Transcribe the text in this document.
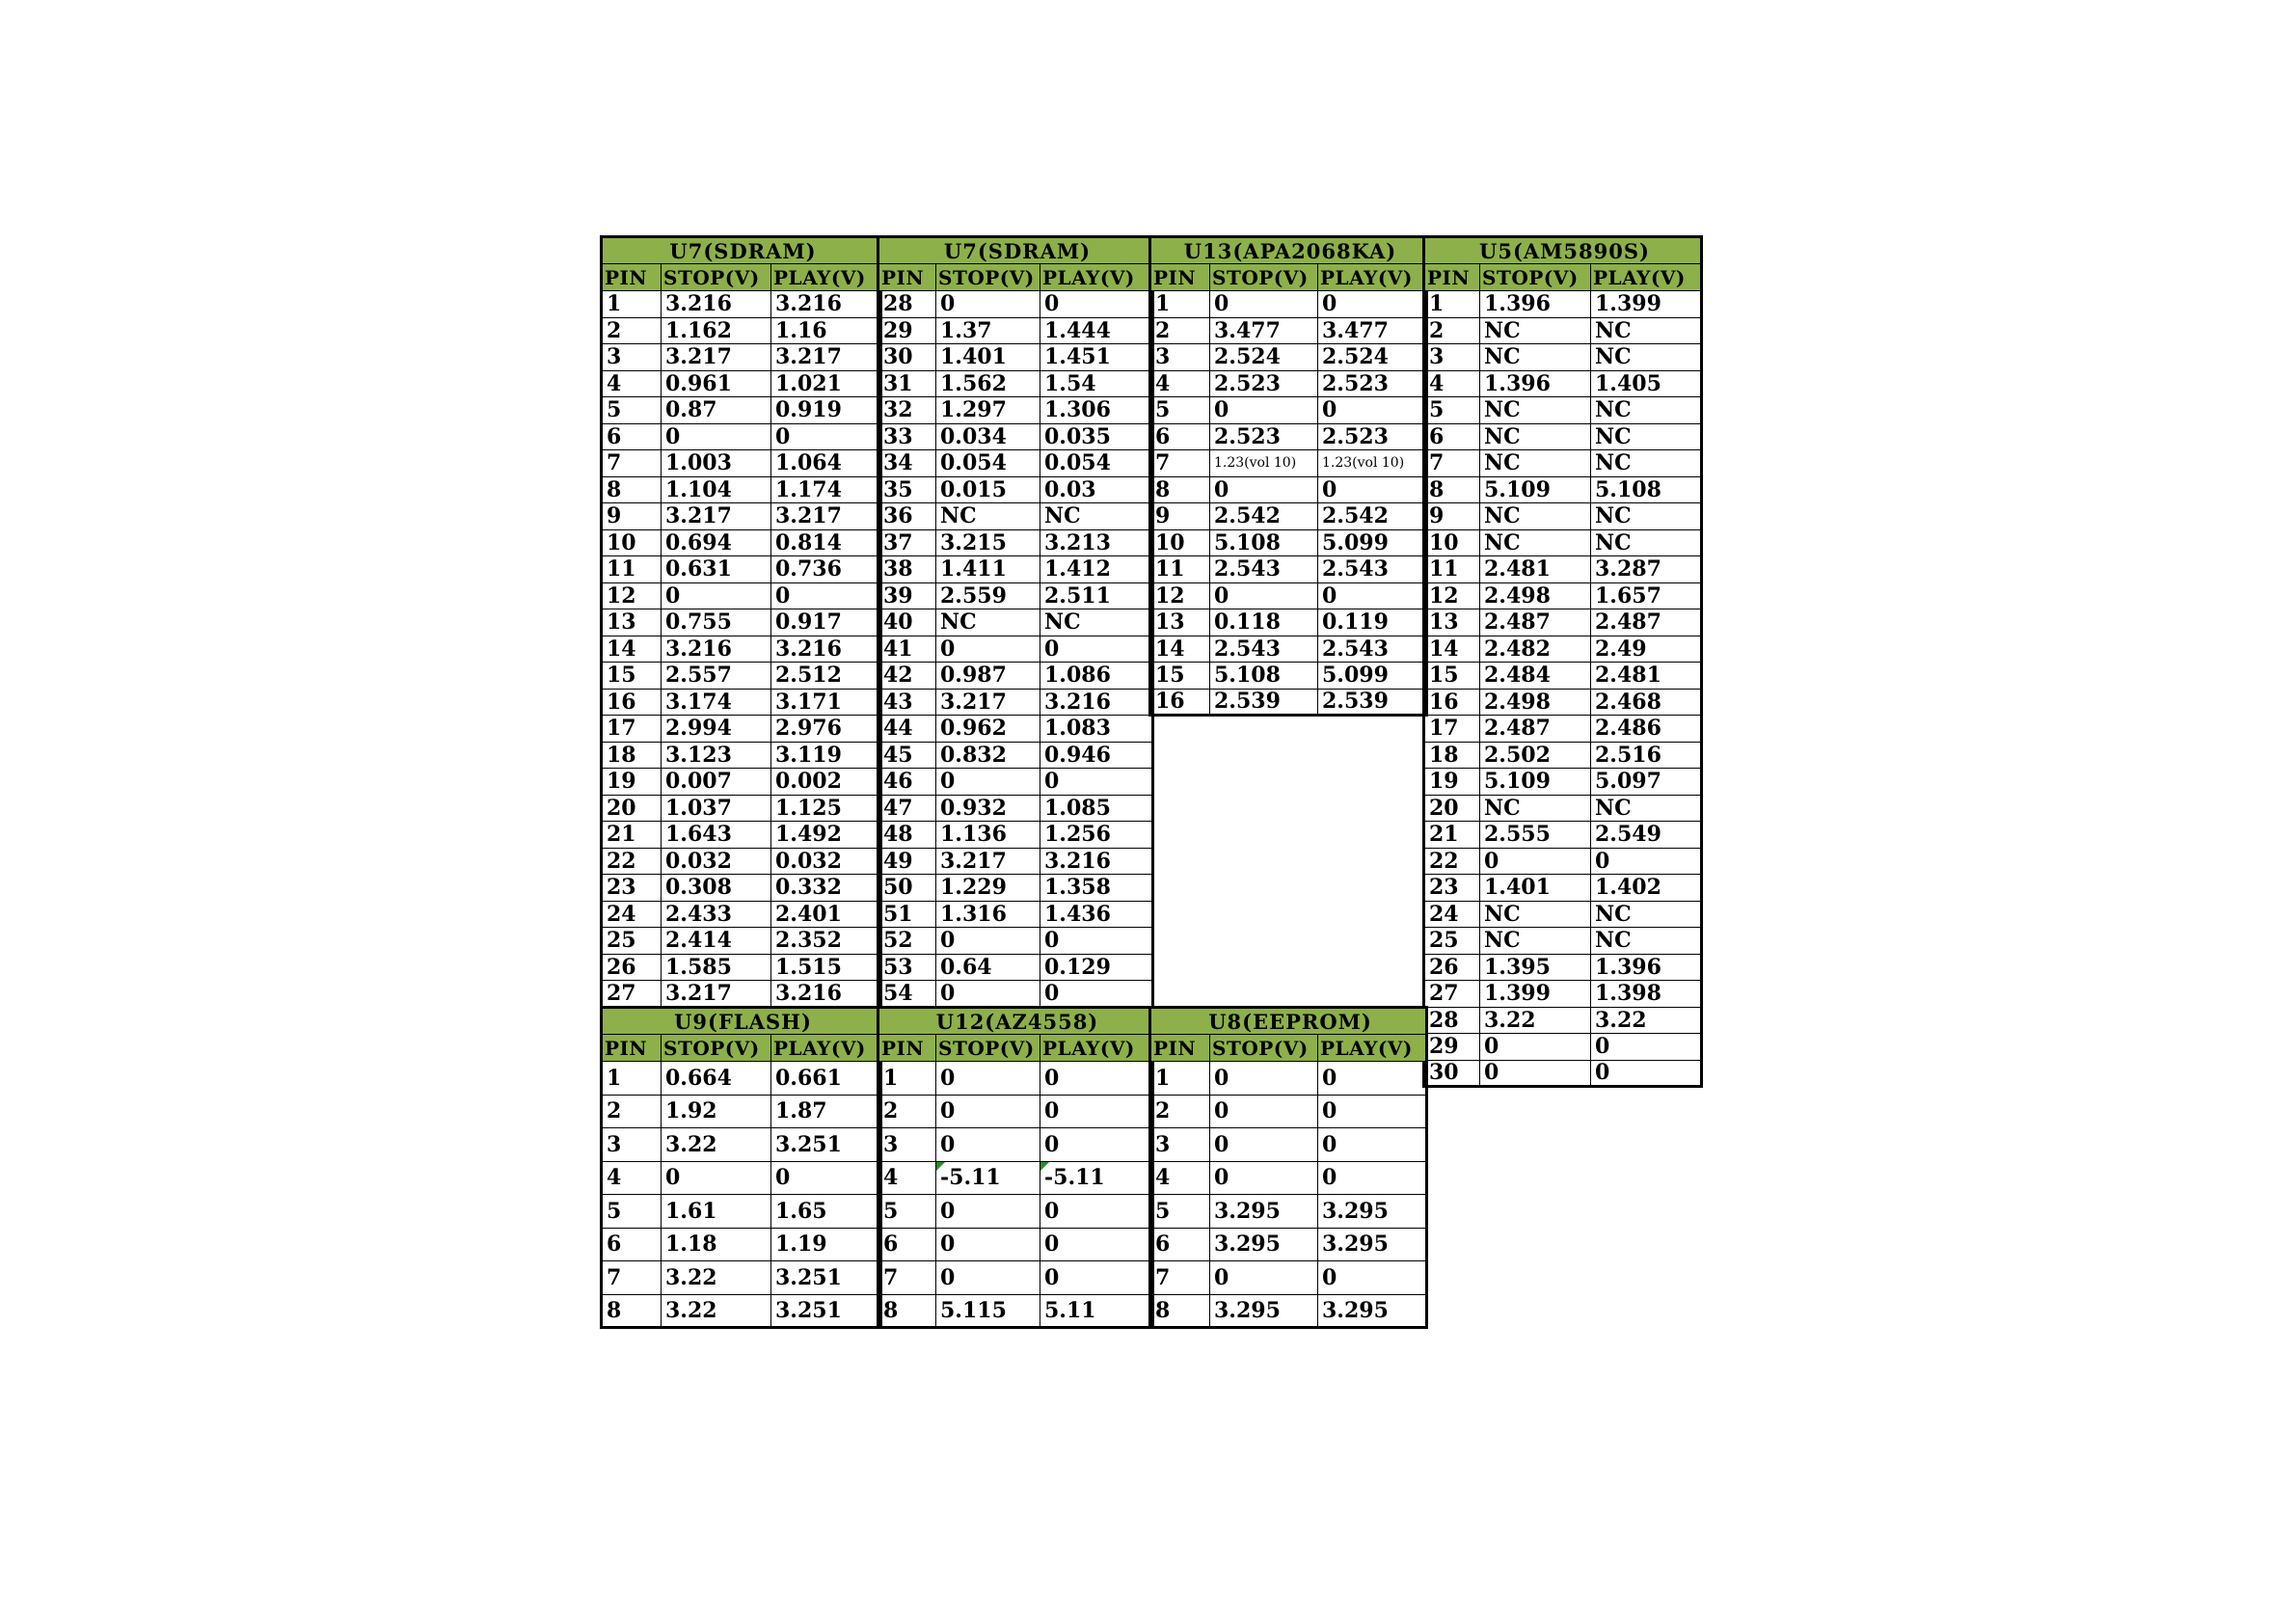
U7(SDRAM)		
PIN	STOP(V)	PLAY(V)
1	3.216	3.216
2	1.162	1.16
3	3.217	3.217
4	0.961	1.021
5	0.87	0.919
6	0	0
7	1.003	1.064
8	1.104	1.174
9	3.217	3.217
10	0.694	0.814
11	0.631	0.736
12	0	0
13	0.755	0.917
14	3.216	3.216
15	2.557	2.512
16	3.174	3.171
17	2.994	2.976
18	3.123	3.119
19	0.007	0.002
20	1.037	1.125
21	1.643	1.492
22	0.032	0.032
23	0.308	0.332
24	2.433	2.401
25	2.414	2.352
26	1.585	1.515
27	3.217	3.216
U7(SDRAM)		
PIN	STOP(V)	PLAY(V)
28	0	0
29	1.37	1.444
30	1.401	1.451
31	1.562	1.54
32	1.297	1.306
33	0.034	0.035
34	0.054	0.054
35	0.015	0.03
36	NC	NC
37	3.215	3.213
38	1.411	1.412
39	2.559	2.511
40	NC	NC
41	0	0
42	0.987	1.086
43	3.217	3.216
44	0.962	1.083
45	0.832	0.946
46	0	0
47	0.932	1.085
48	1.136	1.256
49	3.217	3.216
50	1.229	1.358
51	1.316	1.436
52	0	0
53	0.64	0.129
54	0	0
U13(APA2068KA)		
PIN	STOP(V)	PLAY(V)
1	0	0
2	3.477	3.477
3	2.524	2.524
4	2.523	2.523
5	0	0
6	2.523	2.523
7	1.23(vol 10)	1.23(vol 10)
8	0	0
9	2.542	2.542
10	5.108	5.099
11	2.543	2.543
12	0	0
13	0.118	0.119
14	2.543	2.543
15	5.108	5.099
16	2.539	2.539
U5(AM5890S)		
PIN	STOP(V)	PLAY(V)
1	1.396	1.399
2	NC	NC
3	NC	NC
4	1.396	1.405
5	NC	NC
6	NC	NC
7	NC	NC
8	5.109	5.108
9	NC	NC
10	NC	NC
11	2.481	3.287
12	2.498	1.657
13	2.487	2.487
14	2.482	2.49
15	2.484	2.481
16	2.498	2.468
17	2.487	2.486
18	2.502	2.516
19	5.109	5.097
20	NC	NC
21	2.555	2.549
22	0	0
23	1.401	1.402
24	NC	NC
25	NC	NC
26	1.395	1.396
27	1.399	1.398
28	3.22	3.22
29	0	0
30	0	0
U9(FLASH)		
PIN	STOP(V)	PLAY(V)
1	0.664	0.661
2	1.92	1.87
3	3.22	3.251
4	0	0
5	1.61	1.65
6	1.18	1.19
7	3.22	3.251
8	3.22	3.251
U12(AZ4558)		
PIN	STOP(V)	PLAY(V)
1	0	0
2	0	0
3	0	0
4	-5.11	-5.11
5	0	0
6	0	0
7	0	0
8	5.115	5.11
U8(EEPROM)		
PIN	STOP(V)	PLAY(V)
1	0	0
2	0	0
3	0	0
4	0	0
5	3.295	3.295
6	3.295	3.295
7	0	0
8	3.295	3.295
